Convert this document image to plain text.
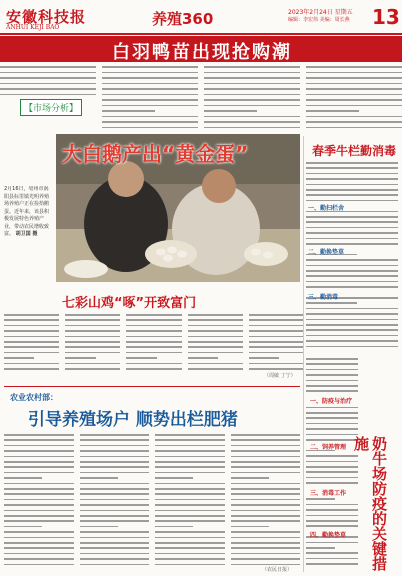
安徽科技报
ANHUI KEJI BAO	养殖360	2023年2月24日 星期五
编辑：李宏伟 美编：周长燕 13
白羽鸭苗出现抢购潮
【市场分析】
大白鹅产出“黄金蛋”
2月16日，亳州市涡阳县标里镇光明养殖场养殖户正在捡拾鹅蛋。近年来，该县积极发展特色养殖产业，带动农民增收致富。 胡卫国 摄
春季牛栏勤消毒
一、勤扫栏舍
二、勤换垫草
三、勤消毒
七彩山鸡“啄”开致富门
（周敏 丁宁）
奶牛场防疫的关键措施
一、防疫与治疗
二、饲养管理
三、消毒工作
四、勤换垫草
农业农村部：
引导养殖场户 顺势出栏肥猪
（农民日报）
